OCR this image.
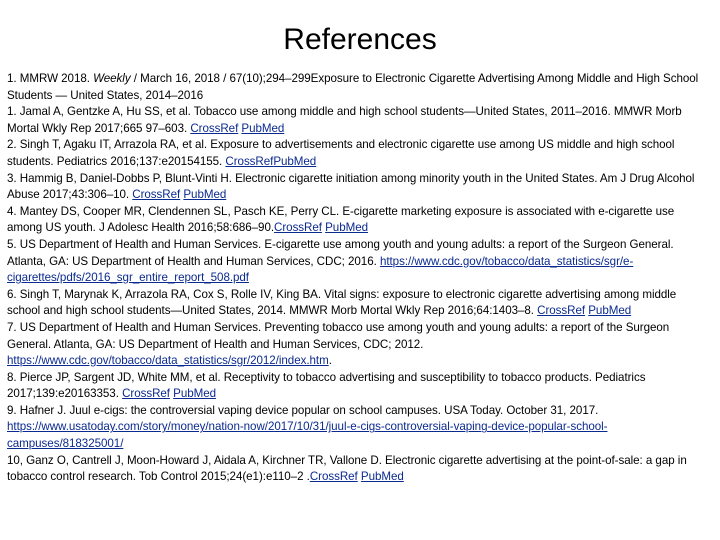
References

1. MMRW 2018. Weekly / March 16, 2018 / 67(10);294–299Exposure to Electronic Cigarette Advertising Among Middle and High School Students — United States, 2014–2016

1. Jamal A, Gentzke A, Hu SS, et al. Tobacco use among middle and high school students—United States, 2011–2016. MMWR Morb Mortal Wkly Rep 2017;665 97–603. CrossRef PubMed

2. Singh T, Agaku IT, Arrazola RA, et al. Exposure to advertisements and electronic cigarette use among US middle and high school students. Pediatrics 2016;137:e20154155. CrossRefPubMed

3. Hammig B, Daniel-Dobbs P, Blunt-Vinti H. Electronic cigarette initiation among minority youth in the United States. Am J Drug Alcohol Abuse 2017;43:306–10. CrossRef PubMed

4. Mantey DS, Cooper MR, Clendennen SL, Pasch KE, Perry CL. E-cigarette marketing exposure is associated with e-cigarette use among US youth. J Adolesc Health 2016;58:686–90.CrossRef PubMed

5. US Department of Health and Human Services. E-cigarette use among youth and young adults: a report of the Surgeon General. Atlanta, GA: US Department of Health and Human Services, CDC; 2016. https://www.cdc.gov/tobacco/data_statistics/sgr/e-cigarettes/pdfs/2016_sgr_entire_report_508.pdf

6. Singh T, Marynak K, Arrazola RA, Cox S, Rolle IV, King BA. Vital signs: exposure to electronic cigarette advertising among middle school and high school students—United States, 2014. MMWR Morb Mortal Wkly Rep 2016;64:1403–8. CrossRef PubMed

7. US Department of Health and Human Services. Preventing tobacco use among youth and young adults: a report of the Surgeon General. Atlanta, GA: US Department of Health and Human Services, CDC; 2012. https://www.cdc.gov/tobacco/data_statistics/sgr/2012/index.htm.

8. Pierce JP, Sargent JD, White MM, et al. Receptivity to tobacco advertising and susceptibility to tobacco products. Pediatrics 2017;139:e20163353. CrossRef PubMed

9. Hafner J. Juul e-cigs: the controversial vaping device popular on school campuses. USA Today. October 31, 2017. https://www.usatoday.com/story/money/nation-now/2017/10/31/juul-e-cigs-controversial-vaping-device-popular-school-campuses/818325001/

10, Ganz O, Cantrell J, Moon-Howard J, Aidala A, Kirchner TR, Vallone D. Electronic cigarette advertising at the point-of-sale: a gap in tobacco control research. Tob Control 2015;24(e1):e110–2 .CrossRef PubMed
